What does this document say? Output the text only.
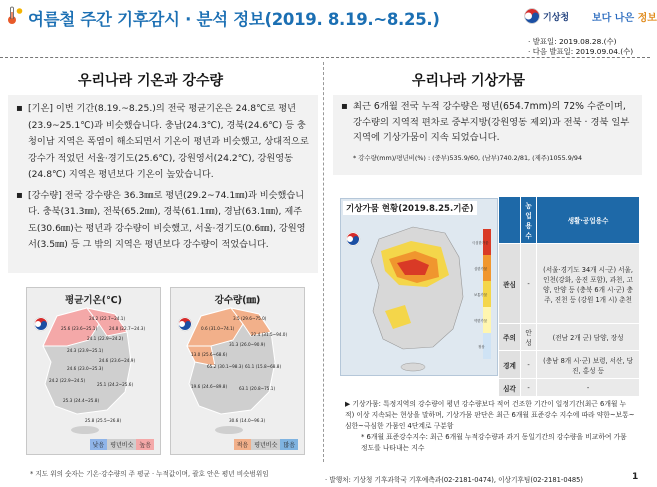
여름철 주간 기후감시 · 분석 정보(2019. 8.19.~8.25.)	기상청 보다 나은 정보
· 발표일: 2019.08.28.(수)
· 다음 발표일: 2019.09.04.(수)
우리나라 기온과 강수량

▪ [기온] 이번 기간(8.19.~8.25.)의 전국 평균기온은 24.8℃로 평년(23.9~25.1℃)과 비슷했습니다. 충남(24.3℃), 경북(24.6℃) 등 충청이남 지역은 폭염이 해소되면서 기온이 평년과 비슷했고, 상대적으로 강수가 적었던 서울·경기도(25.6℃), 강원영서(24.2℃), 강원영동(24.8℃) 지역은 평년보다 기온이 높았습니다.

▪ [강수량] 전국 강수량은 36.3㎜로 평년(29.2~74.1㎜)과 비슷했습니다. 충북(31.3㎜), 전북(65.2㎜), 경북(61.1㎜), 경남(63.1㎜), 제주도(30.6㎜)는 평년과 강수량이 비슷했고, 서울·경기도(0.6㎜), 강원영서(3.5㎜) 등 그 밖의 지역은 평년보다 강수량이 적었습니다.

평균기온(℃)
24.2 (22.7~24.1)
25.6 (23.6~25.1)	24.8 (22.7~24.3)
24.1 (22.9~24.2)
24.3 (23.9~25.1)
24.6 (23.6~24.9)
24.6 (23.0~25.3)
24.2 (22.9~24.5)
25.1 (24.2~25.6)
25.3 (24.4~25.8)
25.8 (25.5~26.8)
낮음	평년비슷	높음
강수량(㎜)
3.5 (29.6~75.0)
0.6 (31.0~74.1)
22.4 (31.5~94.0)
31.3 (26.0~90.9)
13.0 (25.6~68.6)
65.2 (30.1~98.3) 61.1 (15.8~68.8)
63.1 (20.8~75.1)
19.6 (24.6~89.8)
30.6 (14.0~96.3)
적음	평년비슷	많음
* 지도 위의 숫자는 기온·강수량의 주 평균 · 누적값이며, 괄호 안은 평년 비슷범위임
우리나라 기상가뭄

▪ 최근 6개월 전국 누적 강수량은 평년(654.7mm)의 72% 수준이며, 강수량의 지역적 편차로 중부지방(강원영동 제외)과 전북 · 경북 일부 지역에 기상가뭄이 지속 되었습니다.

* 강수량(mm)/평년비(%) : (중부)535.9/60, (남부)740.2/81, (제주)1055.9/94
기상가뭄 현황(2019.8.25.기준)
극심한가뭄
심한가뭄
보통가뭄
약한가뭄
정상
	농업용수	생활·공업용수
관심	-	(서울·경기도 34개 시·군) 서울, 인천(강화, 옹진 포함), 과천, 고양, 안양 등 (충북 6개 시·군) 충주, 진천 등 (강원 1개 시) 춘천
주의	안성	(전남 2개 군) 담양, 장성
경계	-	(충남 8개 시·군) 보령, 서산, 당진, 홍성 등
심각	-	-
▶ 기상가뭄: 특정지역의 강수량이 평년 강수량보다 적어 건조한 기간이 일정기간(최근 6개월 누적) 이상 지속되는 현상을 말하며, 기상가뭄 판단은 최근 6개월 표준강수 지수에 따라 약한~보통~심한~극심한 가뭄인 4단계로 구분함
* 6개월 표준강수지수: 최근 6개월 누적강수량과 과거 동일기간의 강수량을 비교하여 가뭄 정도를 나타내는 지수
· 발행처: 기상청 기후과학국 기후예측과(02-2181-0474), 이상기후팀(02-2181-0485)	1
